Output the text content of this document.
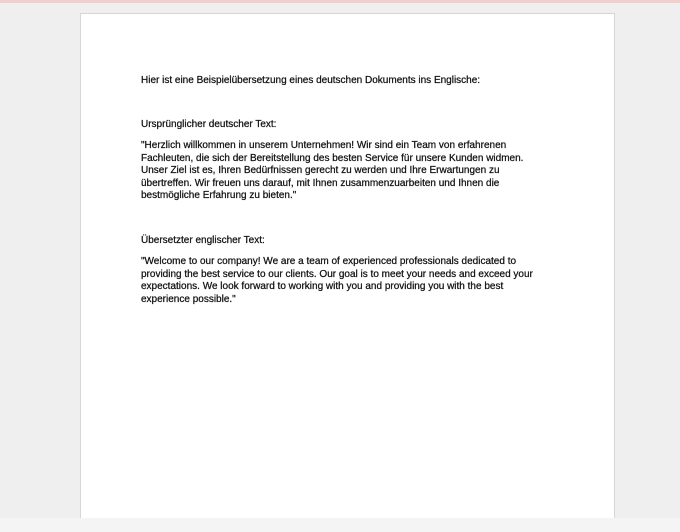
Hier ist eine Beispielübersetzung eines deutschen Dokuments ins Englische:

Ursprünglicher deutscher Text:

"Herzlich willkommen in unserem Unternehmen! Wir sind ein Team von erfahrenen
Fachleuten, die sich der Bereitstellung des besten Service für unsere Kunden widmen.
Unser Ziel ist es, Ihren Bedürfnissen gerecht zu werden und Ihre Erwartungen zu
übertreffen. Wir freuen uns darauf, mit Ihnen zusammenzuarbeiten und Ihnen die
bestmögliche Erfahrung zu bieten."

Übersetzter englischer Text:

"Welcome to our company! We are a team of experienced professionals dedicated to
providing the best service to our clients. Our goal is to meet your needs and exceed your
expectations. We look forward to working with you and providing you with the best
experience possible."
